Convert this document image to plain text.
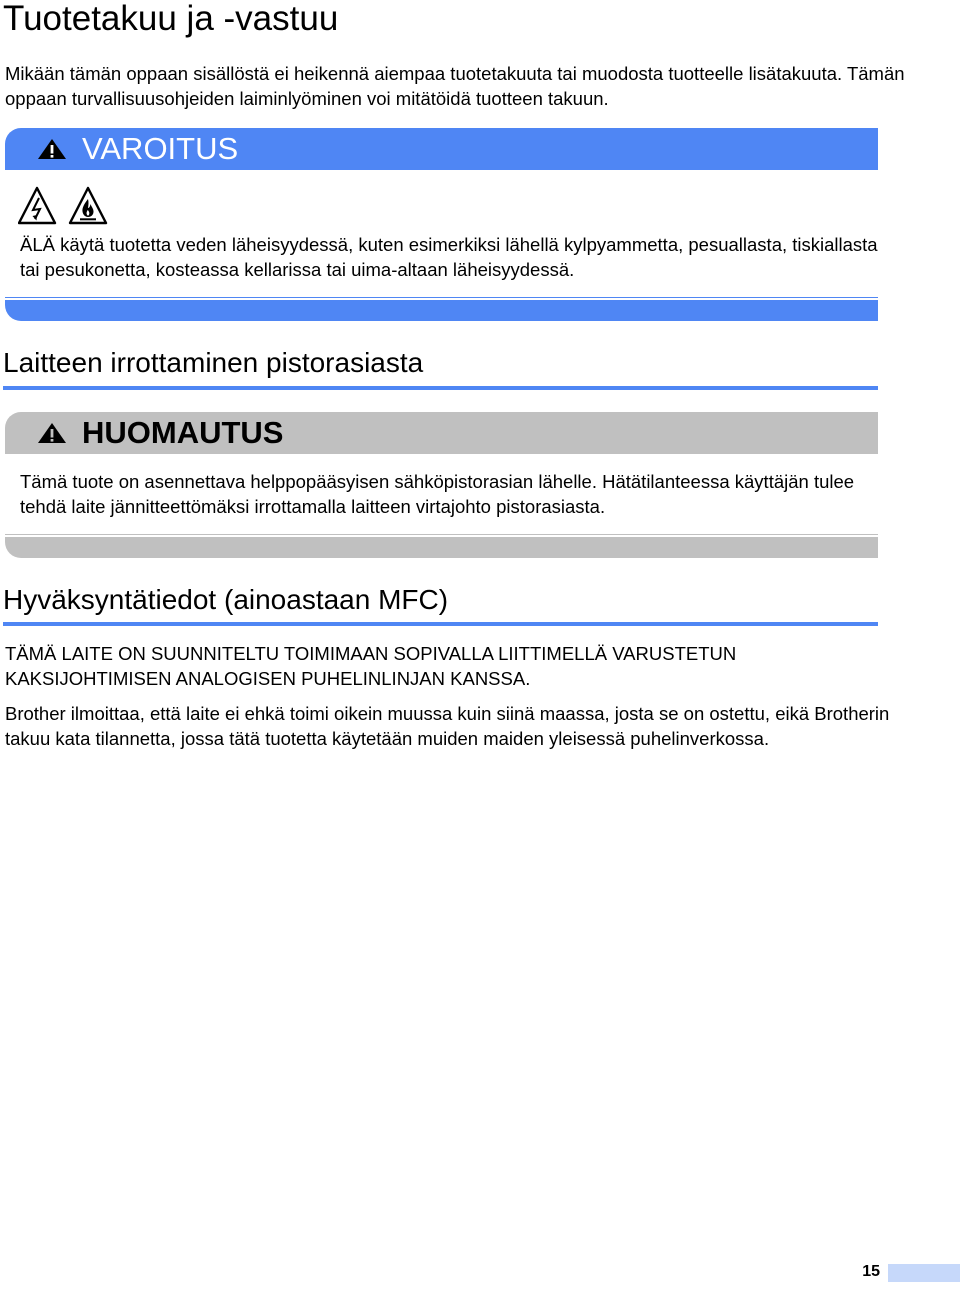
Tuotetakuu ja -vastuu

Mikään tämän oppaan sisällöstä ei heikennä aiempaa tuotetakuuta tai muodosta tuotteelle lisätakuuta. Tämän oppaan turvallisuusohjeiden laiminlyöminen voi mitätöidä tuotteen takuun.

VAROITUS

ÄLÄ käytä tuotetta veden läheisyydessä, kuten esimerkiksi lähellä kylpyammetta, pesuallasta, tiskiallasta tai pesukonetta, kosteassa kellarissa tai uima-altaan läheisyydessä.

Laitteen irrottaminen pistorasiasta
HUOMAUTUS

Tämä tuote on asennettava helppopääsyisen sähköpistorasian lähelle. Hätätilanteessa käyttäjän tulee tehdä laite jännitteettömäksi irrottamalla laitteen virtajohto pistorasiasta.

Hyväksyntätiedot (ainoastaan MFC)

TÄMÄ LAITE ON SUUNNITELTU TOIMIMAAN SOPIVALLA LIITTIMELLÄ VARUSTETUN KAKSIJOHTIMISEN ANALOGISEN PUHELINLINJAN KANSSA.

Brother ilmoittaa, että laite ei ehkä toimi oikein muussa kuin siinä maassa, josta se on ostettu, eikä Brotherin takuu kata tilannetta, jossa tätä tuotetta käytetään muiden maiden yleisessä puhelinverkossa.

15
